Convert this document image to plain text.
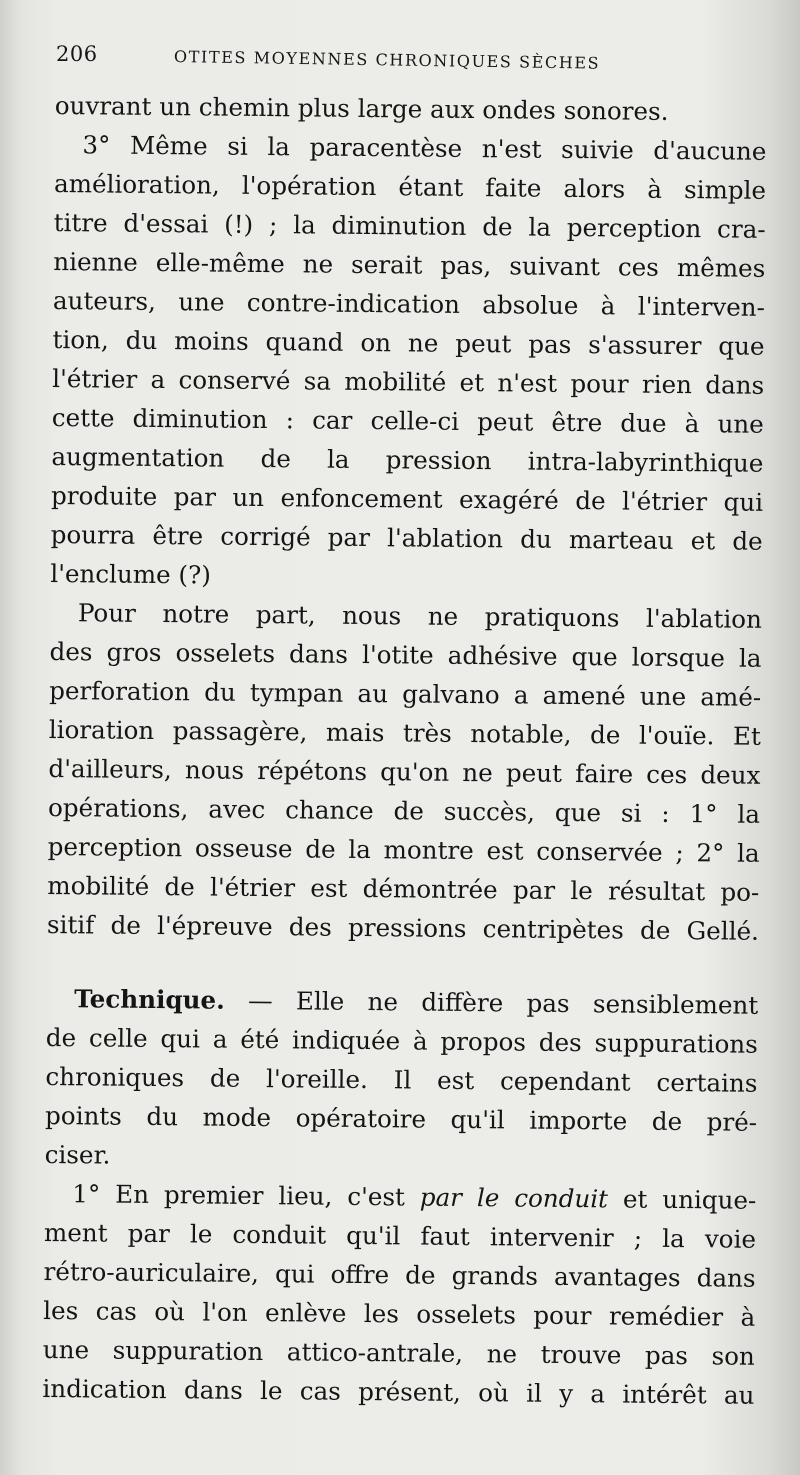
206	OTITES MOYENNES CHRONIQUES SÈCHES
ouvrant un chemin plus large aux ondes sonores.
3° Même si la paracentèse n'est suivie d'aucune
amélioration, l'opération étant faite alors à simple
titre d'essai (!) ; la diminution de la perception cra-
nienne elle-même ne serait pas, suivant ces mêmes
auteurs, une contre-indication absolue à l'interven-
tion, du moins quand on ne peut pas s'assurer que
l'étrier a conservé sa mobilité et n'est pour rien dans
cette diminution : car celle-ci peut être due à une
augmentation de la pression intra-labyrinthique
produite par un enfoncement exagéré de l'étrier qui
pourra être corrigé par l'ablation du marteau et de
l'enclume (?)
Pour notre part, nous ne pratiquons l'ablation
des gros osselets dans l'otite adhésive que lorsque la
perforation du tympan au galvano a amené une amé-
lioration passagère, mais très notable, de l'ouïe. Et
d'ailleurs, nous répétons qu'on ne peut faire ces deux
opérations, avec chance de succès, que si : 1° la
perception osseuse de la montre est conservée ; 2° la
mobilité de l'étrier est démontrée par le résultat po-
sitif de l'épreuve des pressions centripètes de Gellé.
Technique. — Elle ne diffère pas sensiblement
de celle qui a été indiquée à propos des suppurations
chroniques de l'oreille. Il est cependant certains
points du mode opératoire qu'il importe de pré-
ciser.
1° En premier lieu, c'est par le conduit et unique-
ment par le conduit qu'il faut intervenir ; la voie
rétro-auriculaire, qui offre de grands avantages dans
les cas où l'on enlève les osselets pour remédier à
une suppuration attico-antrale, ne trouve pas son
indication dans le cas présent, où il y a intérêt au
